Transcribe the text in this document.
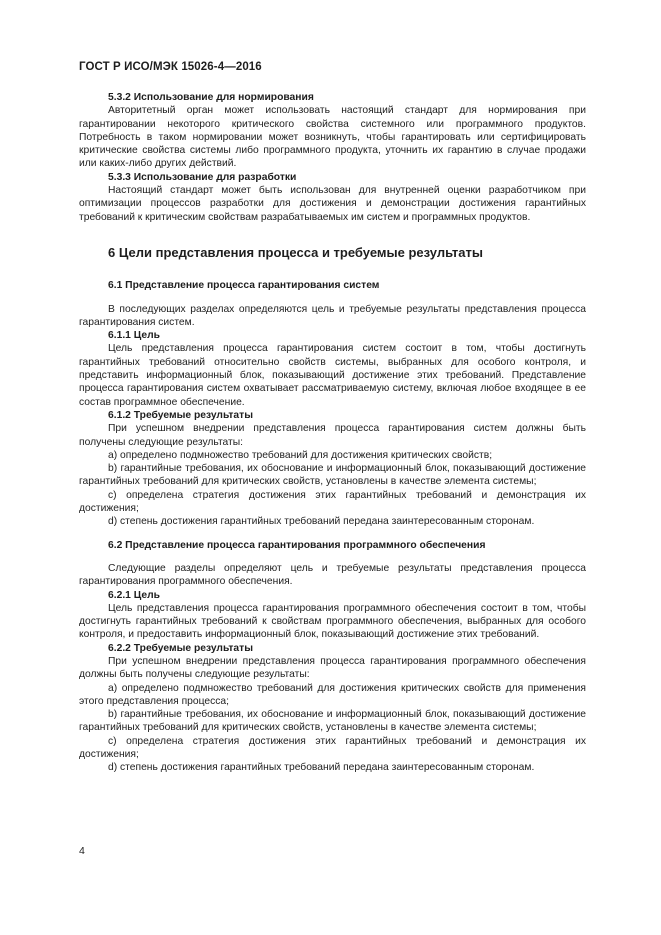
ГОСТ Р ИСО/МЭК 15026-4—2016
5.3.2 Использование для нормирования

Авторитетный орган может использовать настоящий стандарт для нормирования при гарантировании некоторого критического свойства системного или программного продуктов. Потребность в таком нормировании может возникнуть, чтобы гарантировать или сертифицировать критические свойства системы либо программного продукта, уточнить их гарантию в случае продажи или каких-либо других действий.

5.3.3 Использование для разработки

Настоящий стандарт может быть использован для внутренней оценки разработчиком при оптимизации процессов разработки для достижения и демонстрации достижения гарантийных требований к критическим свойствам разрабатываемых им систем и программных продуктов.

6 Цели представления процесса и требуемые результаты
6.1 Представление процесса гарантирования систем

В последующих разделах определяются цель и требуемые результаты представления процесса гарантирования систем.

6.1.1 Цель

Цель представления процесса гарантирования систем состоит в том, чтобы достигнуть гарантийных требований относительно свойств системы, выбранных для особого контроля, и представить информационный блок, показывающий достижение этих требований. Представление процесса гарантирования систем охватывает рассматриваемую систему, включая любое входящее в ее состав программное обеспечение.

6.1.2 Требуемые результаты

При успешном внедрении представления процесса гарантирования систем должны быть получены следующие результаты:

a) определено подмножество требований для достижения критических свойств;

b) гарантийные требования, их обоснование и информационный блок, показывающий достижение гарантийных требований для критических свойств, установлены в качестве элемента системы;

c) определена стратегия достижения этих гарантийных требований и демонстрация их достижения;

d) степень достижения гарантийных требований передана заинтересованным сторонам.

6.2 Представление процесса гарантирования программного обеспечения

Следующие разделы определяют цель и требуемые результаты представления процесса гарантирования программного обеспечения.

6.2.1 Цель

Цель представления процесса гарантирования программного обеспечения состоит в том, чтобы достигнуть гарантийных требований к свойствам программного обеспечения, выбранных для особого контроля, и предоставить информационный блок, показывающий достижение этих требований.

6.2.2 Требуемые результаты

При успешном внедрении представления процесса гарантирования программного обеспечения должны быть получены следующие результаты:

a) определено подмножество требований для достижения критических свойств для применения этого представления процесса;

b) гарантийные требования, их обоснование и информационный блок, показывающий достижение гарантийных требований для критических свойств, установлены в качестве элемента системы;

c) определена стратегия достижения этих гарантийных требований и демонстрация их достижения;

d) степень достижения гарантийных требований передана заинтересованным сторонам.

4
